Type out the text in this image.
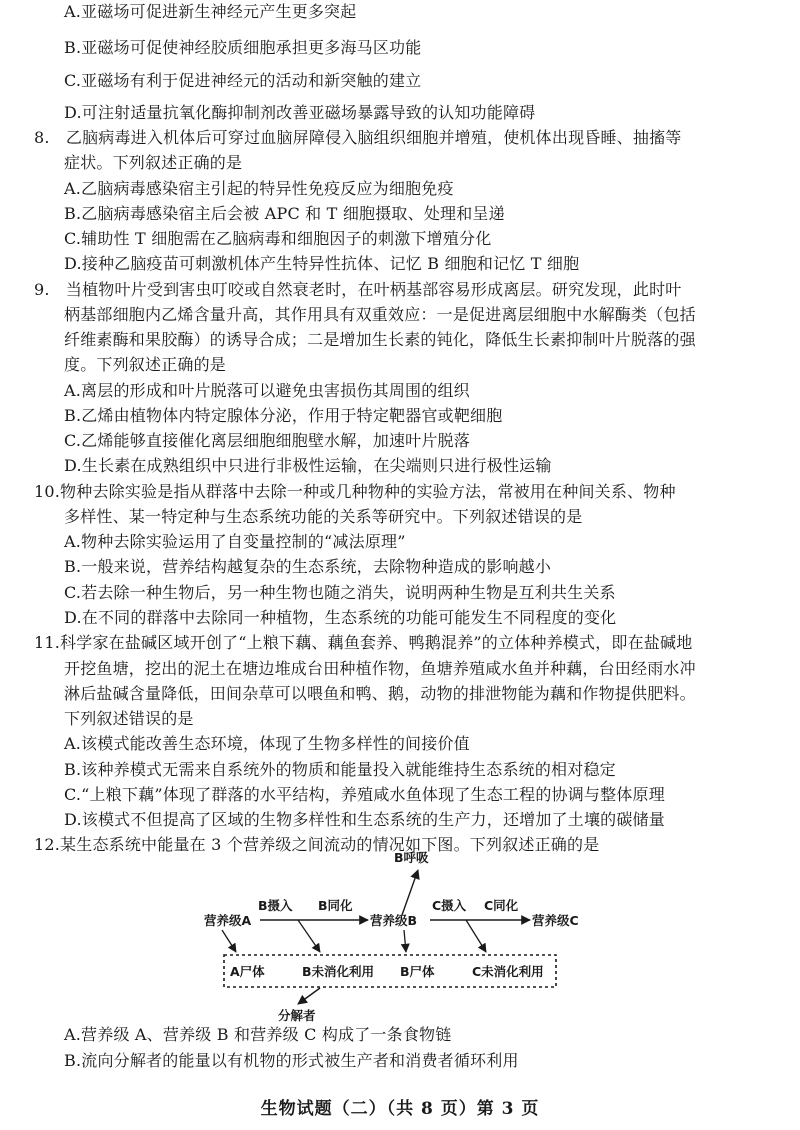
A.亚磁场可促进新生神经元产生更多突起
B.亚磁场可促使神经胶质细胞承担更多海马区功能
C.亚磁场有利于促进神经元的活动和新突触的建立
D.可注射适量抗氧化酶抑制剂改善亚磁场暴露导致的认知功能障碍
8.　乙脑病毒进入机体后可穿过血脑屏障侵入脑组织细胞并增殖，使机体出现昏睡、抽搐等
症状。下列叙述正确的是
A.乙脑病毒感染宿主引起的特异性免疫反应为细胞免疫
B.乙脑病毒感染宿主后会被 APC 和 T 细胞摄取、处理和呈递
C.辅助性 T 细胞需在乙脑病毒和细胞因子的刺激下增殖分化
D.接种乙脑疫苗可刺激机体产生特异性抗体、记忆 B 细胞和记忆 T 细胞
9.　当植物叶片受到害虫叮咬或自然衰老时，在叶柄基部容易形成离层。研究发现，此时叶
柄基部细胞内乙烯含量升高，其作用具有双重效应：一是促进离层细胞中水解酶类（包括
纤维素酶和果胶酶）的诱导合成；二是增加生长素的钝化，降低生长素抑制叶片脱落的强
度。下列叙述正确的是
A.离层的形成和叶片脱落可以避免虫害损伤其周围的组织
B.乙烯由植物体内特定腺体分泌，作用于特定靶器官或靶细胞
C.乙烯能够直接催化离层细胞细胞壁水解，加速叶片脱落
D.生长素在成熟组织中只进行非极性运输，在尖端则只进行极性运输
10.物种去除实验是指从群落中去除一种或几种物种的实验方法，常被用在种间关系、物种
多样性、某一特定种与生态系统功能的关系等研究中。下列叙述错误的是
A.物种去除实验运用了自变量控制的“减法原理”
B.一般来说，营养结构越复杂的生态系统，去除物种造成的影响越小
C.若去除一种生物后，另一种生物也随之消失，说明两种生物是互利共生关系
D.在不同的群落中去除同一种植物，生态系统的功能可能发生不同程度的变化
11.科学家在盐碱区域开创了“上粮下藕、藕鱼套养、鸭鹅混养”的立体种养模式，即在盐碱地
开挖鱼塘，挖出的泥土在塘边堆成台田种植作物，鱼塘养殖咸水鱼并种藕，台田经雨水冲
淋后盐碱含量降低，田间杂草可以喂鱼和鸭、鹅，动物的排泄物能为藕和作物提供肥料。
下列叙述错误的是
A.该模式能改善生态环境，体现了生物多样性的间接价值
B.该种养模式无需来自系统外的物质和能量投入就能维持生态系统的相对稳定
C.“上粮下藕”体现了群落的水平结构，养殖咸水鱼体现了生态工程的协调与整体原理
D.该模式不但提高了区域的生物多样性和生态系统的生产力，还增加了土壤的碳储量
12.某生态系统中能量在 3 个营养级之间流动的情况如下图。下列叙述正确的是
B呼吸
营养级A	营养级B	营养级C
B摄入 B同化	C摄入 C同化
A尸体	B未消化利用 B尸体	C未消化利用
分解者
A.营养级 A、营养级 B 和营养级 C 构成了一条食物链
B.流向分解者的能量以有机物的形式被生产者和消费者循环利用
生物试题（二）（共 8 页）第 3 页
